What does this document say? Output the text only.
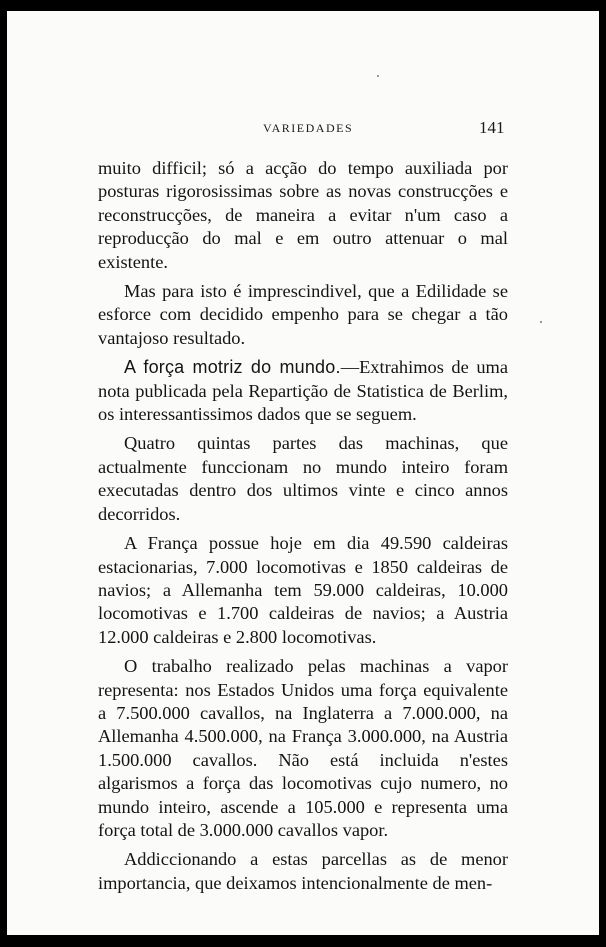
VARIEDADES	141

muito difficil; só a acção do tempo auxiliada por posturas rigorosissimas sobre as novas construcções e reconstrucções, de maneira a evitar n'um caso a reproducção do mal e em outro attenuar o mal existente.

Mas para isto é imprescindivel, que a Edilidade se esforce com decidido empenho para se chegar a tão vantajoso resultado.

A força motriz do mundo.—Extrahimos de uma nota publicada pela Repartição de Statistica de Berlim, os interessantissimos dados que se seguem.

Quatro quintas partes das machinas, que actualmente funccionam no mundo inteiro foram executadas dentro dos ultimos vinte e cinco annos decorridos.

A França possue hoje em dia 49.590 caldeiras estacionarias, 7.000 locomotivas e 1850 caldeiras de navios; a Allemanha tem 59.000 caldeiras, 10.000 locomotivas e 1.700 caldeiras de navios; a Austria 12.000 caldeiras e 2.800 locomotivas.

O trabalho realizado pelas machinas a vapor representa: nos Estados Unidos uma força equivalente a 7.500.000 cavallos, na Inglaterra a 7.000.000, na Allemanha 4.500.000, na França 3.000.000, na Austria 1.500.000 cavallos. Não está incluida n'estes algarismos a força das locomotivas cujo numero, no mundo inteiro, ascende a 105.000 e representa uma força total de 3.000.000 cavallos vapor.

Addiccionando a estas parcellas as de menor importancia, que deixamos intencionalmente de men-
